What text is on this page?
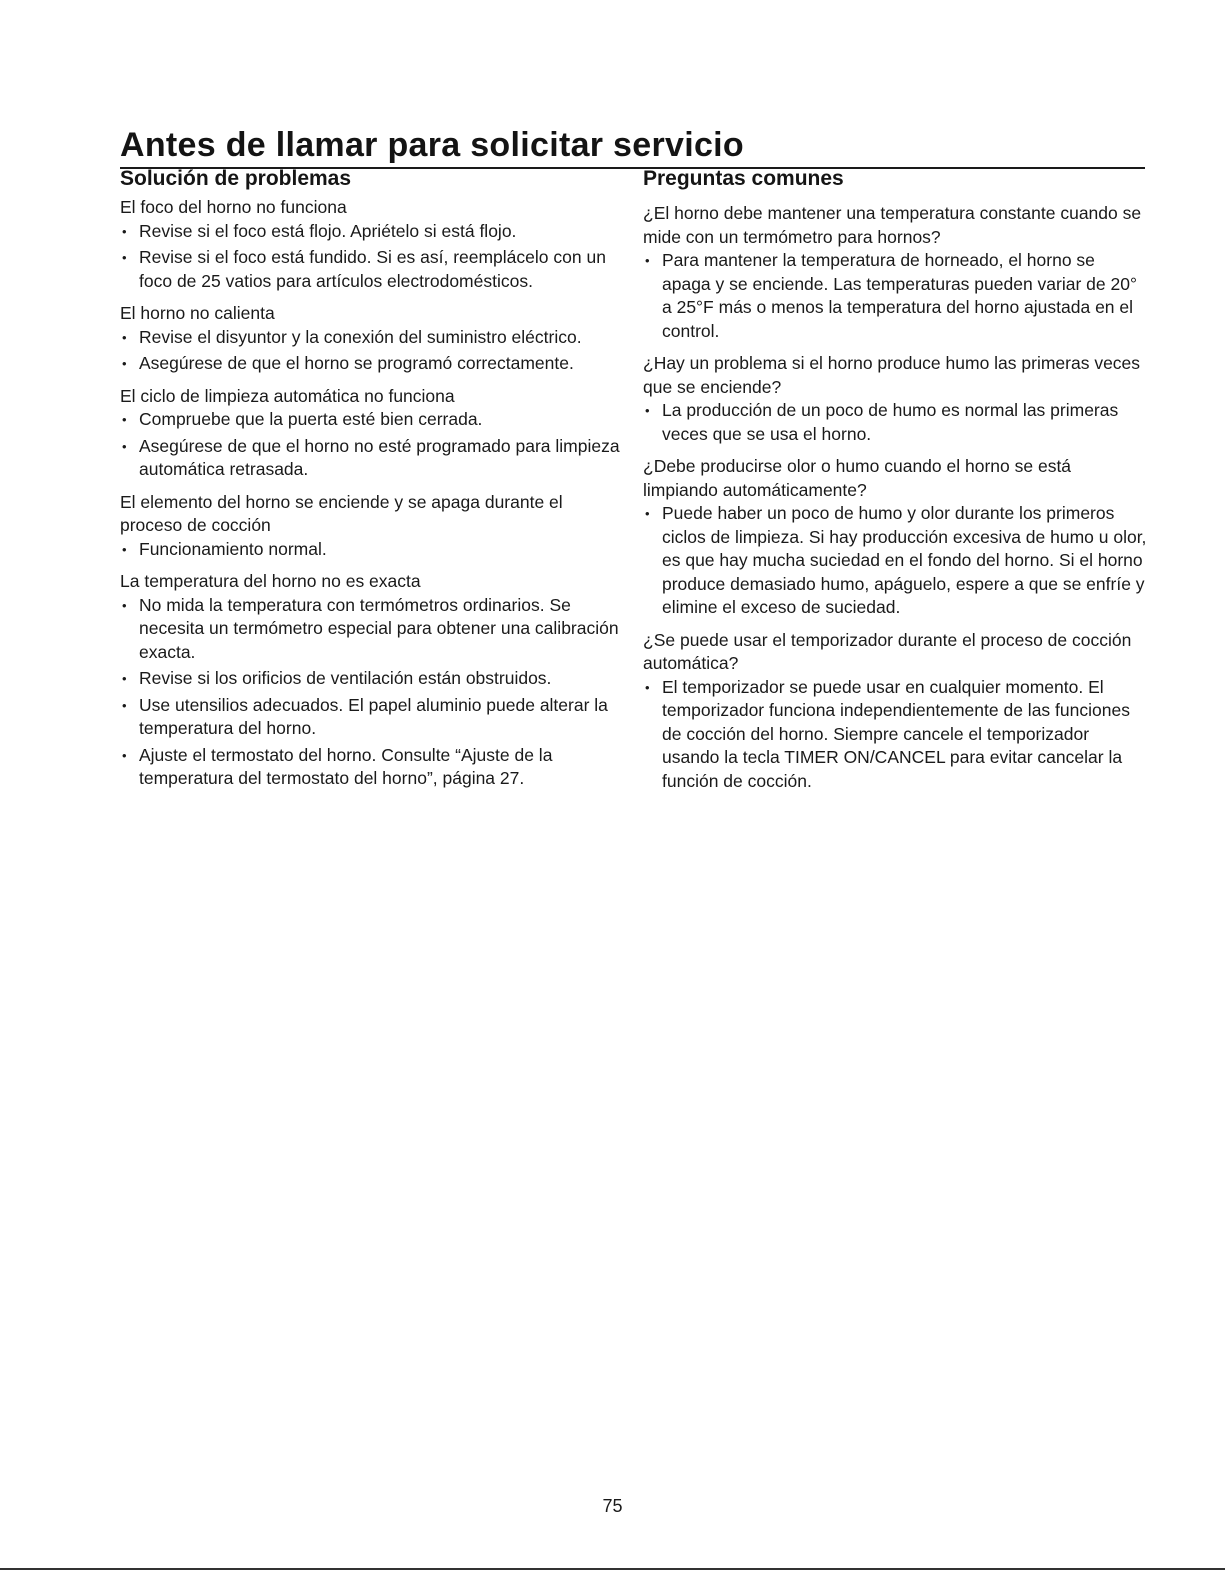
Antes de llamar para solicitar servicio
Solución de problemas

El foco del horno no funciona

• Revise si el foco está flojo. Apriételo si está flojo.
• Revise si el foco está fundido. Si es así, reemplácelo con un foco de 25 vatios para artículos electrodomésticos.

El horno no calienta

• Revise el disyuntor y la conexión del suministro eléctrico.
• Asegúrese de que el horno se programó correctamente.

El ciclo de limpieza automática no funciona

• Compruebe que la puerta esté bien cerrada.
• Asegúrese de que el horno no esté programado para limpieza automática retrasada.

El elemento del horno se enciende y se apaga durante el proceso de cocción

• Funcionamiento normal.

La temperatura del horno no es exacta

• No mida la temperatura con termómetros ordinarios. Se necesita un termómetro especial para obtener una calibración exacta.
• Revise si los orificios de ventilación están obstruidos.
• Use utensilios adecuados. El papel aluminio puede alterar la temperatura del horno.
• Ajuste el termostato del horno. Consulte “Ajuste de la temperatura del termostato del horno”, página 27.
Preguntas comunes

¿El horno debe mantener una temperatura constante cuando se mide con un termómetro para hornos?

• Para mantener la temperatura de horneado, el horno se apaga y se enciende. Las temperaturas pueden variar de 20° a 25°F más o menos la temperatura del horno ajustada en el control.

¿Hay un problema si el horno produce humo las primeras veces que se enciende?

• La producción de un poco de humo es normal las primeras veces que se usa el horno.

¿Debe producirse olor o humo cuando el horno se está limpiando automáticamente?

• Puede haber un poco de humo y olor durante los primeros ciclos de limpieza. Si hay producción excesiva de humo u olor, es que hay mucha suciedad en el fondo del horno. Si el horno produce demasiado humo, apáguelo, espere a que se enfríe y elimine el exceso de suciedad.

¿Se puede usar el temporizador durante el proceso de cocción automática?

• El temporizador se puede usar en cualquier momento. El temporizador funciona independientemente de las funciones de cocción del horno. Siempre cancele el temporizador usando la tecla TIMER ON/CANCEL para evitar cancelar la función de cocción.
75
